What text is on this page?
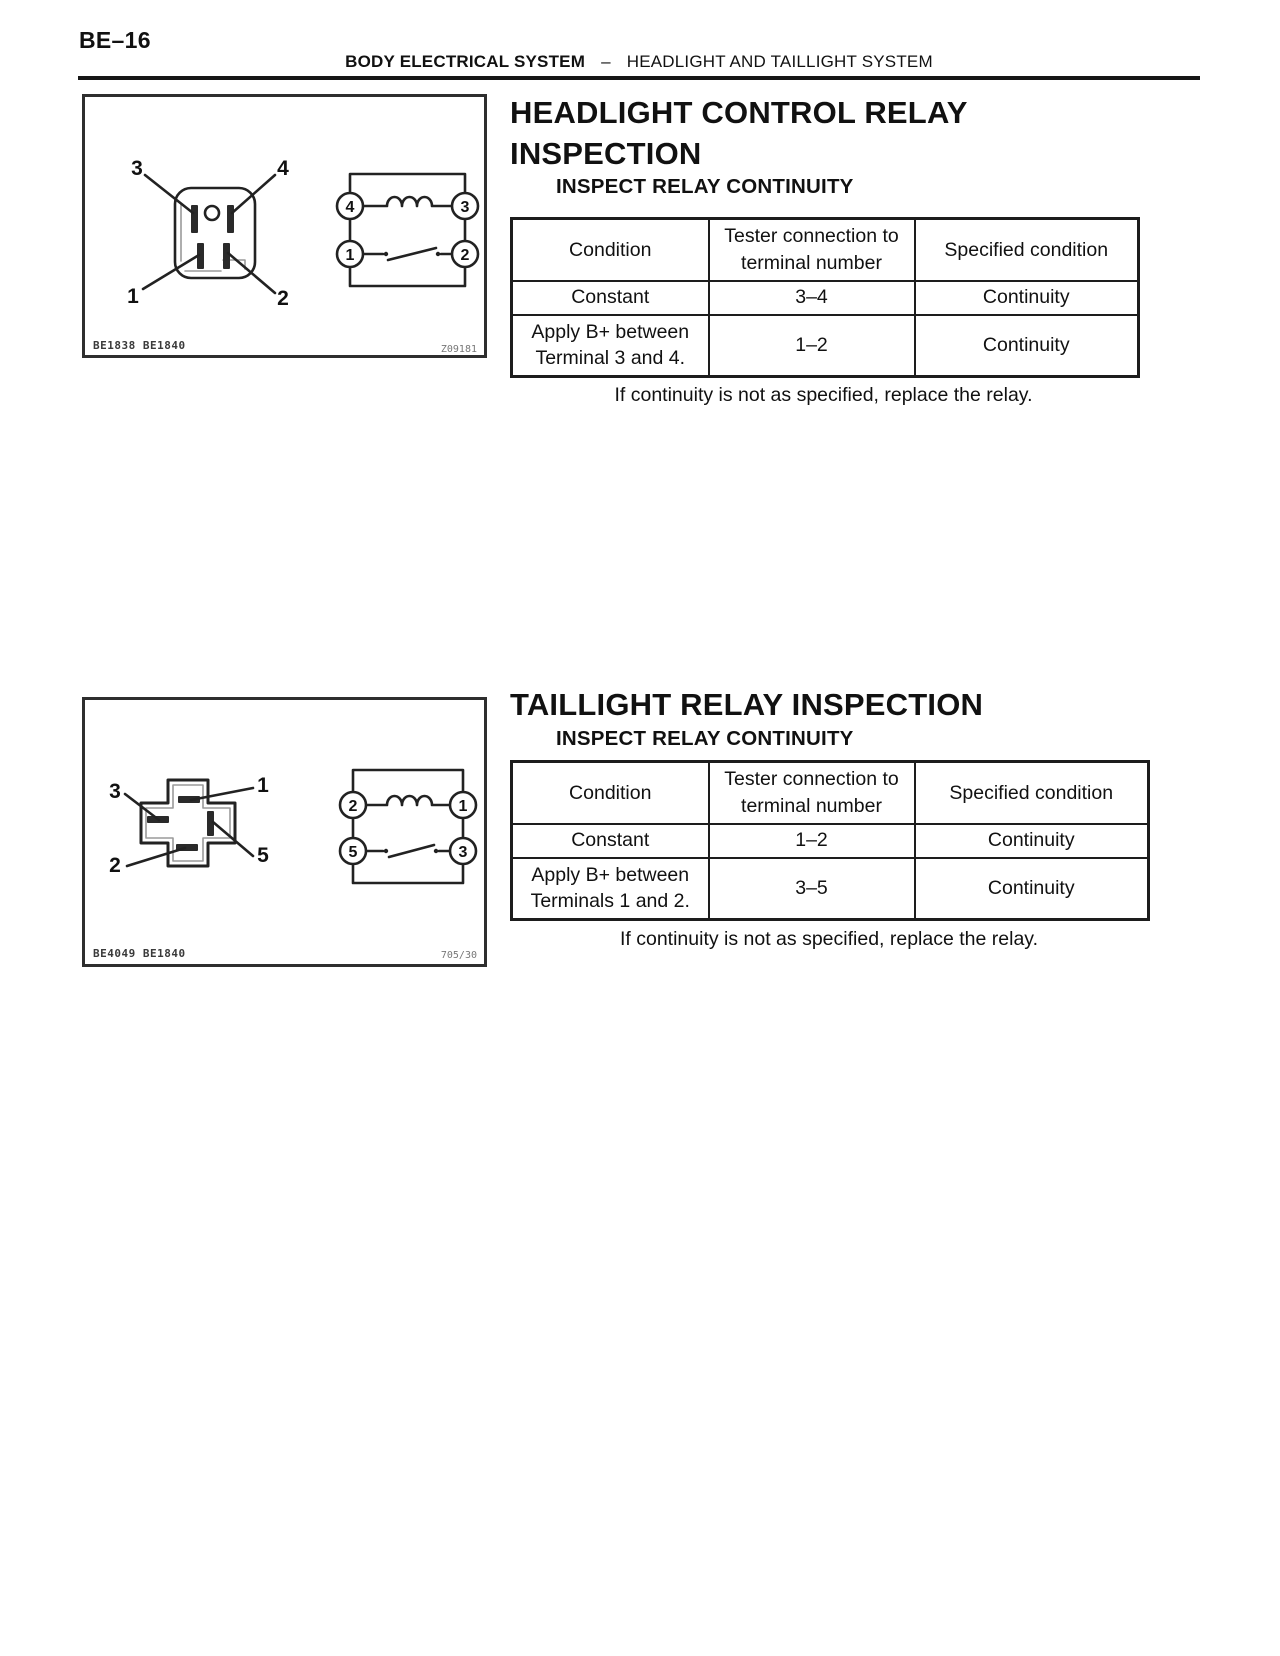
BE–16
BODY ELECTRICAL SYSTEM – HEADLIGHT AND TAILLIGHT SYSTEM
3	4
1	2
4	3
1	2
BE1838 BE1840	Z09181
HEADLIGHT CONTROL RELAY
INSPECTION
INSPECT RELAY CONTINUITY
Condition	Tester connection to terminal number	Specified condition
Constant	3–4	Continuity
Apply B+ between Terminal 3 and 4.	1–2	Continuity
If continuity is not as specified, replace the relay.
3	1
2	5
2	1
5	3
BE4049 BE1840	705/30
TAILLIGHT RELAY INSPECTION
INSPECT RELAY CONTINUITY
Condition	Tester connection to terminal number	Specified condition
Constant	1–2	Continuity
Apply B+ between Terminals 1 and 2.	3–5	Continuity
If continuity is not as specified, replace the relay.
